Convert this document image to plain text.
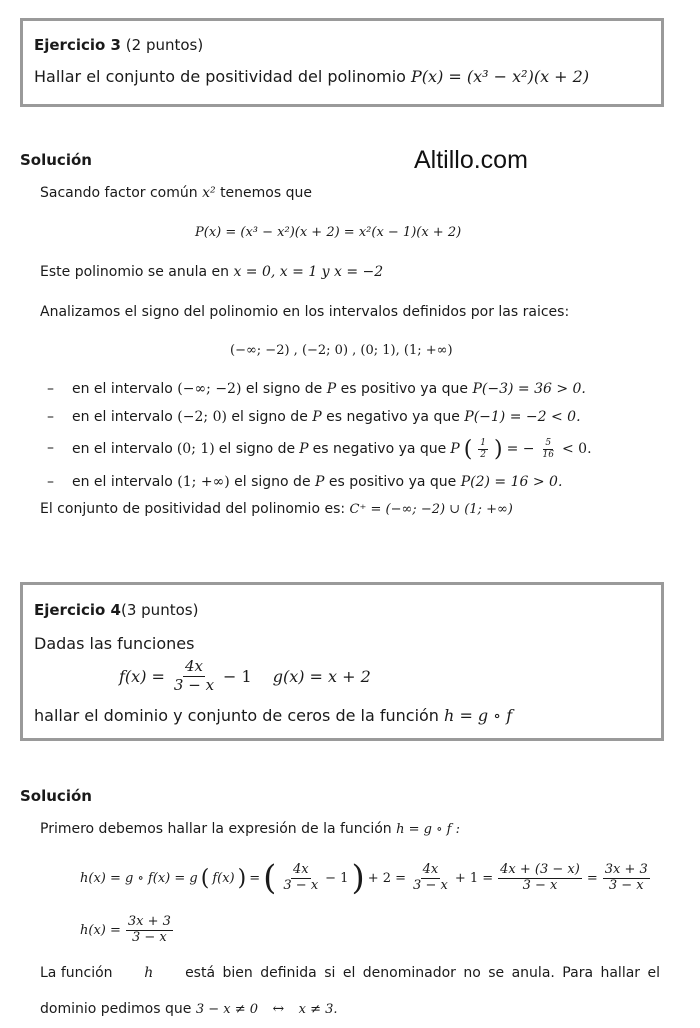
Ejercicio 3 (2 puntos)
Hallar el conjunto de positividad del polinomio P(x) = (x³ − x²)(x + 2)
Solución	Altillo.com
Sacando factor común x² tenemos que
P(x) = (x³ − x²)(x + 2) = x²(x − 1)(x + 2)
Este polinomio se anula en x = 0, x = 1 y x = −2
Analizamos el signo del polinomio en los intervalos definidos por las raices:
(−∞; −2) , (−2; 0) , (0; 1), (1; +∞)
– en el intervalo (−∞; −2) el signo de P es positivo ya que P(−3) = 36 > 0.
– en el intervalo (−2; 0) el signo de P es negativo ya que P(−1) = −2 < 0.
– en el intervalo (0; 1) el signo de P es negativo ya que P ( $\frac{1}{2}$ ) = − $\frac{5}{16} < 0$.
– en el intervalo (1; +∞) el signo de P es positivo ya que P(2) = 16 > 0.
El conjunto de positividad del polinomio es: C⁺ = (−∞; −2) ∪ (1; +∞)
Ejercicio 4(3 puntos)
Dadas las funciones
$f(x) = \frac{4x}{3 - x} - 1$ g(x) = x + 2
hallar el dominio y conjunto de ceros de la función h = g ∘ f
Solución
Primero debemos hallar la expresión de la función h = g ∘ f :
h(x) = g ∘ f(x) = g ( f(x) ) = ( $\frac{4x}{3 - x} - 1$ ) + $2 = \frac{4x}{3 - x} + 1 = \frac{4x + (3 - x)}{3 - x} = \frac{3x + 3}{3 - x}$
$h(x) = \frac{3x + 3}{3 - x}$
La función h está bien definida si el denominador no se anula. Para hallar el
dominio pedimos que 3 − x ≠ 0 ↔ x ≠ 3.
